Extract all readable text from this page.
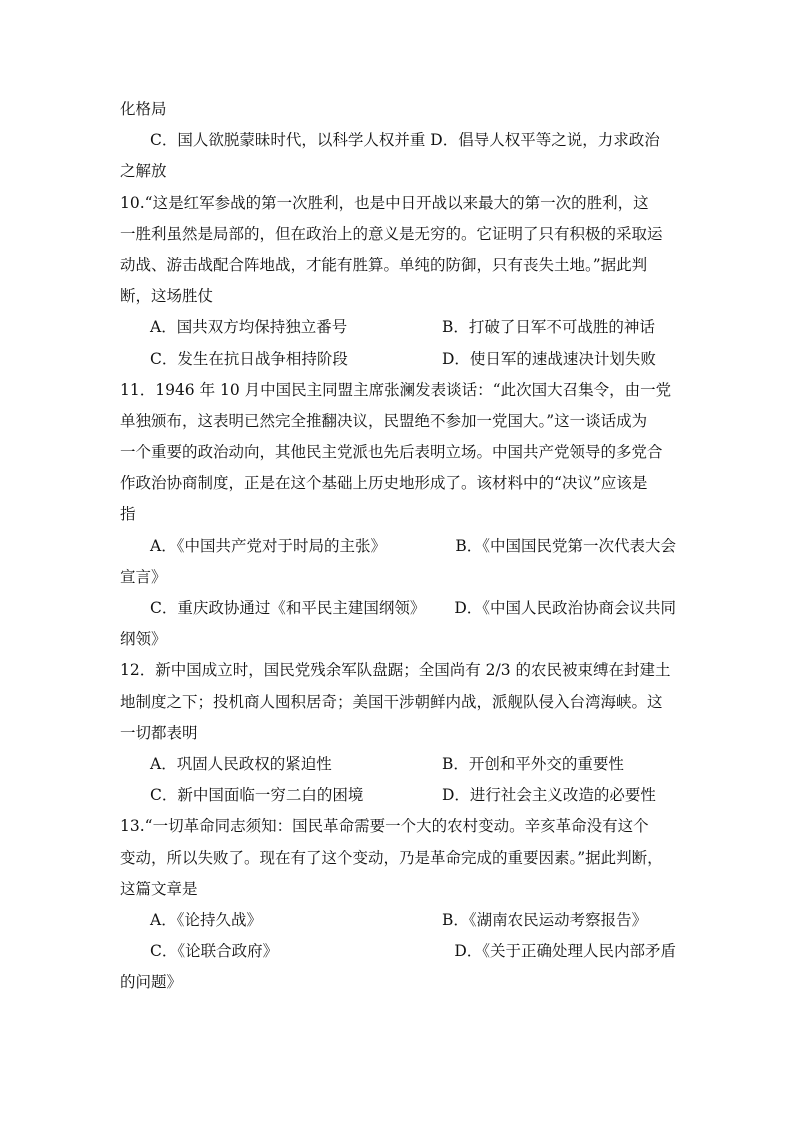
化格局
C．国人欲脱蒙昧时代，以科学人权并重 D．倡导人权平等之说，力求政治
之解放
10.“这是红军参战的第一次胜利，也是中日开战以来最大的第一次的胜利，这
一胜利虽然是局部的，但在政治上的意义是无穷的。它证明了只有积极的采取运
动战、游击战配合阵地战，才能有胜算。单纯的防御，只有丧失土地。”据此判
断，这场胜仗
A．国共双方均保持独立番号	B．打破了日军不可战胜的神话
C．发生在抗日战争相持阶段	D．使日军的速战速决计划失败
11．1946 年 10 月中国民主同盟主席张澜发表谈话：“此次国大召集令，由一党
单独颁布，这表明已然完全推翻决议，民盟绝不参加一党国大。”这一谈话成为
一个重要的政治动向，其他民主党派也先后表明立场。中国共产党领导的多党合
作政治协商制度，正是在这个基础上历史地形成了。该材料中的“决议”应该是
指
A．《中国共产党对于时局的主张》	B．《中国国民党第一次代表大会
宣言》
C．重庆政协通过《和平民主建国纲领》 D．《中国人民政治协商会议共同
纲领》
12．新中国成立时，国民党残余军队盘踞；全国尚有 2/3 的农民被束缚在封建土
地制度之下；投机商人囤积居奇；美国干涉朝鲜内战，派舰队侵入台湾海峡。这
一切都表明
A．巩固人民政权的紧迫性	B．开创和平外交的重要性
C．新中国面临一穷二白的困境	D．进行社会主义改造的必要性
13.“一切革命同志须知：国民革命需要一个大的农村变动。辛亥革命没有这个
变动，所以失败了。现在有了这个变动，乃是革命完成的重要因素。”据此判断，
这篇文章是
A．《论持久战》	B．《湖南农民运动考察报告》
C．《论联合政府》	D．《关于正确处理人民内部矛盾
的问题》
